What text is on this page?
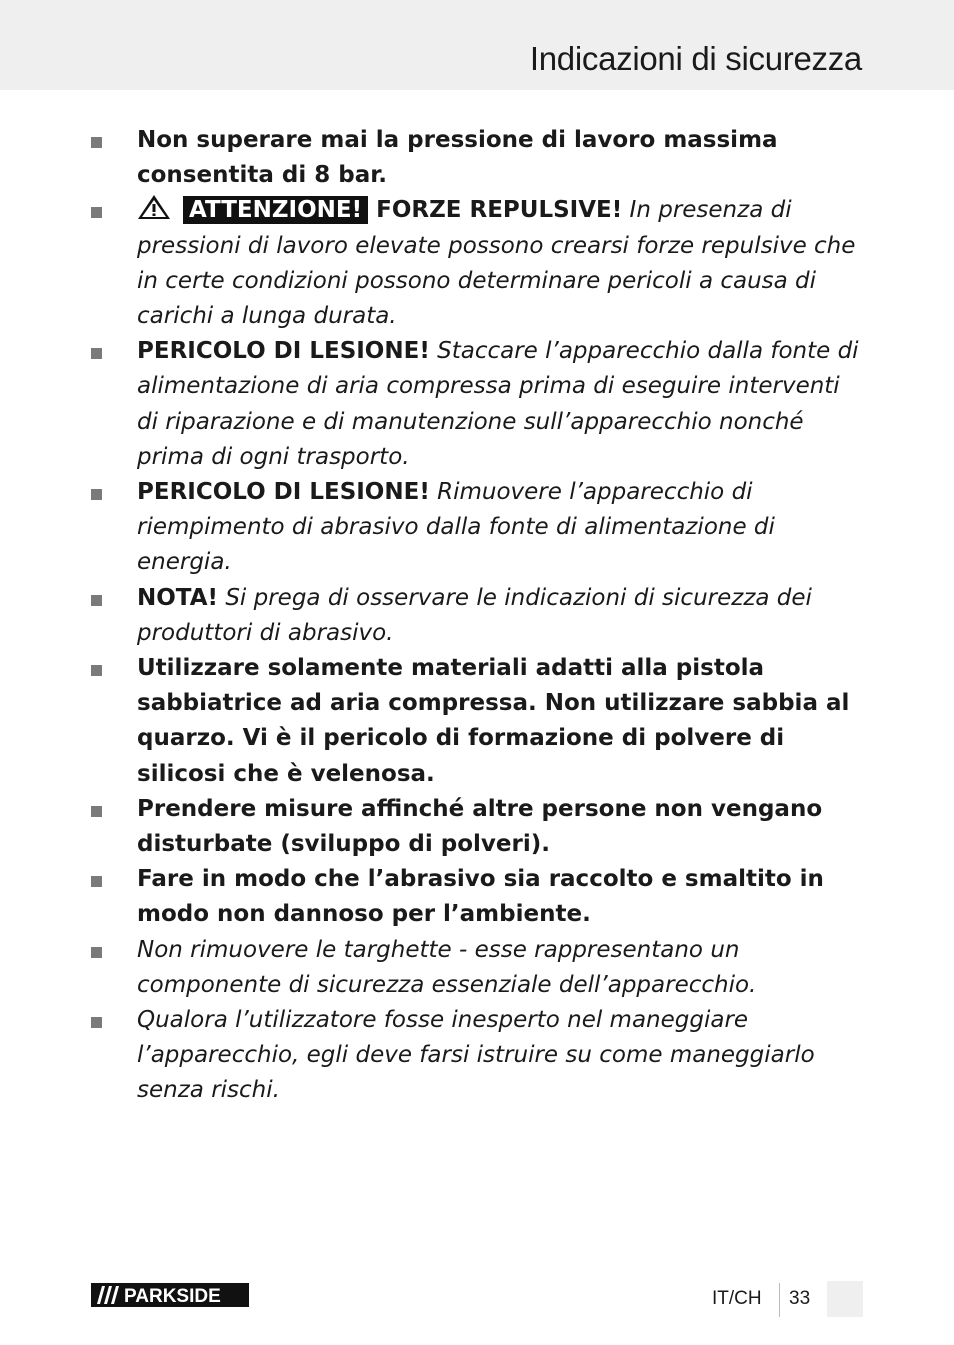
Indicazioni di sicurezza
Non superare mai la pressione di lavoro massima consentita di 8 bar.
ATTENZIONE! FORZE REPULSIVE! In presenza di pressioni di lavoro elevate possono crearsi forze repulsive che in certe condizioni possono determinare pericoli a causa di carichi a lunga durata.
PERICOLO DI LESIONE! Staccare l’apparecchio dalla fonte di alimentazione di aria compressa prima di eseguire interventi di riparazione e di manutenzione sull’apparecchio nonché prima di ogni trasporto.
PERICOLO DI LESIONE! Rimuovere l’apparecchio di riempimento di abrasivo dalla fonte di alimentazione di energia.
NOTA! Si prega di osservare le indicazioni di sicurezza dei produttori di abrasivo.
Utilizzare solamente materiali adatti alla pistola sabbiatrice ad aria compressa. Non utilizzare sabbia al quarzo. Vi è il pericolo di formazione di polvere di silicosi che è velenosa.
Prendere misure affinché altre persone non vengano disturbate (sviluppo di polveri).
Fare in modo che l’abrasivo sia raccolto e smaltito in modo non dannoso per l’ambiente.
Non rimuovere le targhette - esse rappresentano un componente di sicurezza essenziale dell’apparecchio.
Qualora l’utilizzatore fosse inesperto nel maneggiare l’apparecchio, egli deve farsi istruire su come maneggiarlo senza rischi.
PARKSIDE	IT/CH 33
